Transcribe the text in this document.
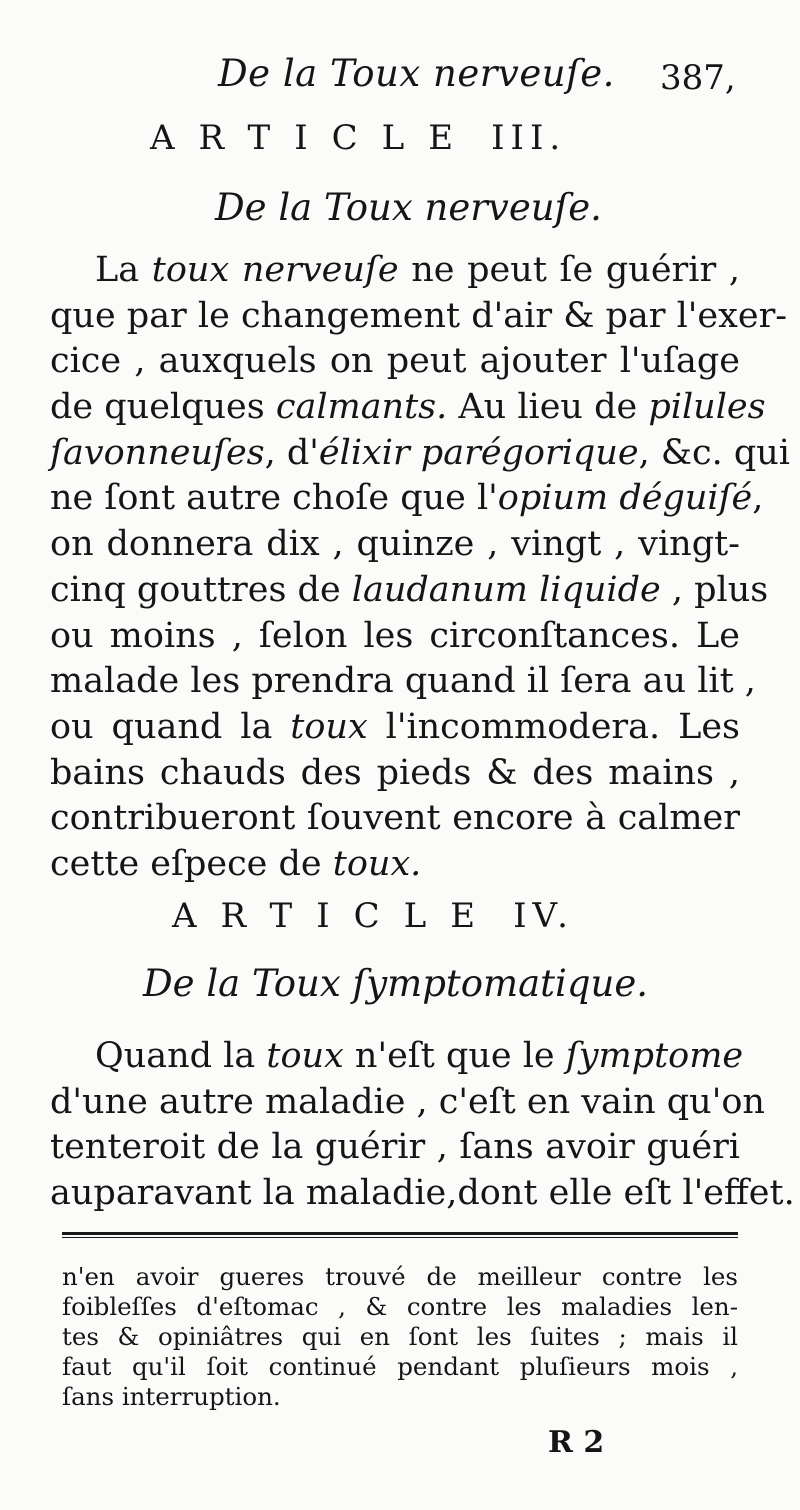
De la Toux nerveuſe. 387,
ARTICLE III.
De la Toux nerveuſe.
La toux nerveuſe ne peut ſe guérir ,
que par le changement d'air & par l'exer-
cice , auxquels on peut ajouter l'uſage
de quelques calmants. Au lieu de pilules
ſavonneuſes, d'élixir parégorique, &c. qui
ne ſont autre choſe que l'opium déguiſé,
on donnera dix , quinze , vingt , vingt-
cinq gouttres de laudanum liquide , plus
ou moins , ſelon les circonſtances. Le
malade les prendra quand il ſera au lit ,
ou quand la toux l'incommodera. Les
bains chauds des pieds & des mains ,
contribueront ſouvent encore à calmer
cette eſpece de toux.
ARTICLE IV.
De la Toux ſymptomatique.
Quand la toux n'eſt que le ſymptome
d'une autre maladie , c'eſt en vain qu'on
tenteroit de la guérir , ſans avoir guéri
auparavant la maladie,dont elle eſt l'effet.
n'en avoir gueres trouvé de meilleur contre les
foibleſſes d'eſtomac , & contre les maladies len-
tes & opiniâtres qui en ſont les ſuites ; mais il
faut qu'il ſoit continué pendant pluſieurs mois ,
ſans interruption.
R 2
